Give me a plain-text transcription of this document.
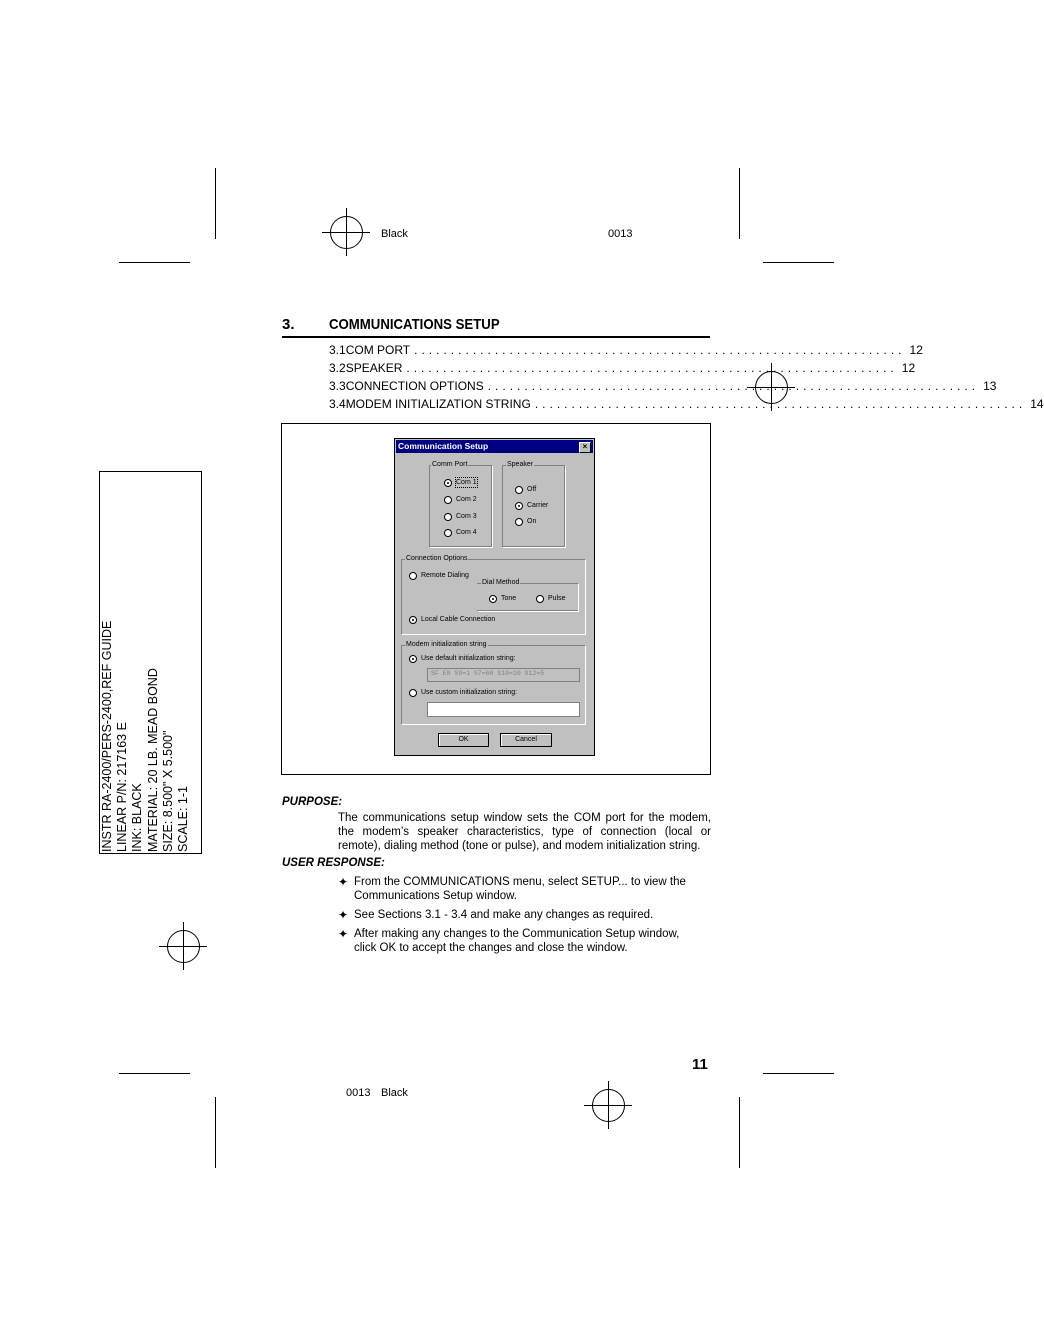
Black	0013
0013 Black
3. COMMUNICATIONS SETUP
3.1 COM PORT ................................................................... 12
3.2 SPEAKER ................................................................... 12
3.3 CONNECTION OPTIONS ................................................................... 13
3.4 MODEM INITIALIZATION STRING ................................................................... 14
INSTR RA-2400/PERS-2400,REF GUIDE LINEAR P/N: 217163 E INK: BLACK MATERIAL: 20 LB. MEAD BOND SIZE: 8.500" X 5.500" SCALE: 1-1
Communication Setup	×
Comm Port
Com 1
Com 2
Com 3
Com 4
Speaker
Off
Carrier
On
Connection Options
Remote Dialing
Dial Method
Tone	Pulse
Local Cable Connection
Modem initialization string
Use default initialization string:
SF E0 S9=1 S7=60 S10=10 S12=5
Use custom initialization string:
OK	Cancel
PURPOSE:
The communications setup window sets the COM port for the modem, the modem’s speaker characteristics, type of connection (local or remote), dialing method (tone or pulse), and modem initialization string.
USER RESPONSE:
✦ From the COMMUNICATIONS menu, select SETUP... to view the Communications Setup window.
✦ See Sections 3.1 - 3.4 and make any changes as required.
✦ After making any changes to the Communication Setup window, click OK to accept the changes and close the window.
11
